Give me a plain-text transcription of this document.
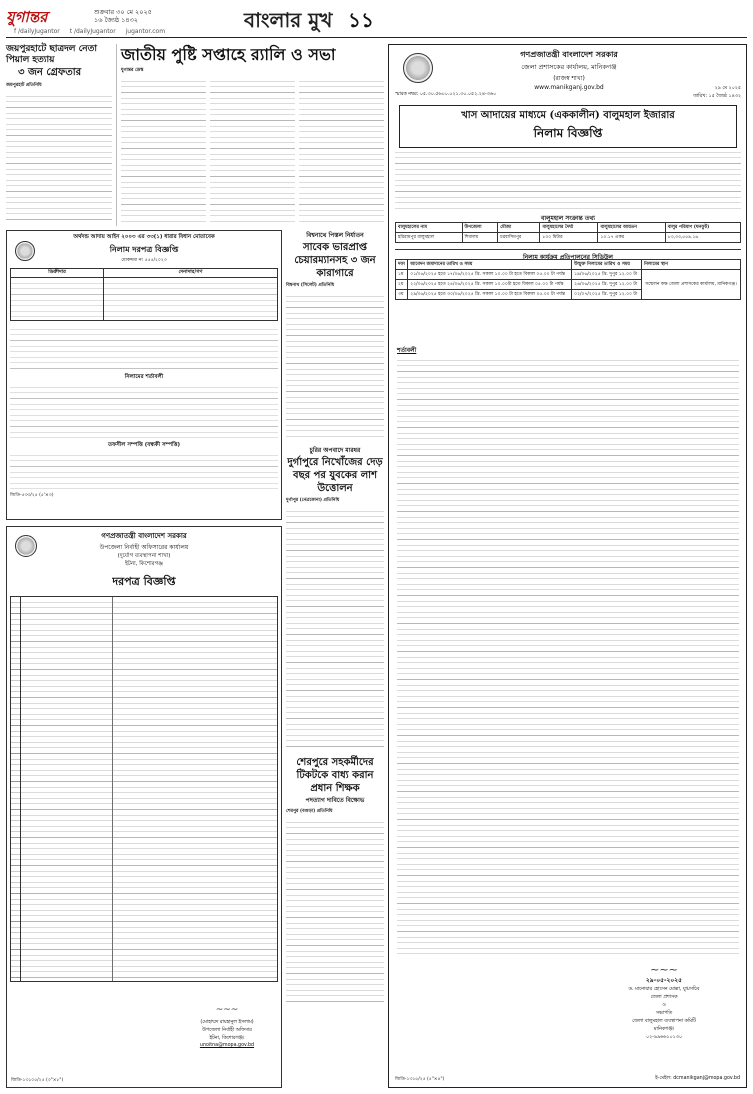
যুগান্তর	শুক্রবার ৩০ মে ২০২৫
১৬ জ্যৈষ্ঠ ১৪৩২
f /dailyJugantor t /dailyJugantor jugantor.com	বাংলার মুখ ১১
জয়পুরহাটে ছাত্রদল নেতা পিয়াল হত্যায়
৩ জন গ্রেফতার
জয়পুরহাট প্রতিনিধি
জাতীয় পুষ্টি সপ্তাহে র‌্যালি ও সভা
যুগান্তর ডেস্ক
অর্থদন্ড আদায় আইন ২০০৩ এর ৩৩(১) ধারার বিধান মোতাবেক
নিলাম দরপত্র বিজ্ঞপ্তি
মোকদ্দমা নং ৫৫৫/২০২৩
ডিক্রীদার	দেনাদার/গণ
নিলামের শর্তাবলী
তফসীল সম্পত্তি (বন্ধকী সম্পত্তি)
জিডি-৫৩৩/২৫ (৫'×৩)
বিশ্বনাথে পিস্তল নির্যাতন
সাবেক ভারপ্রাপ্ত চেয়ারম্যানসহ ৩ জন কারাগারে
বিশ্বনাথ (সিলেট) প্রতিনিধি
চুরির অপবাদে মারধর
দুর্গাপুরে নিখোঁজের দেড় বছর পর যুবকের লাশ উত্তোলন
দুর্গাপুর (নেত্রকোনা) প্রতিনিধি
শেরপুরে সহকর্মীদের টিকটকে বাধ্য করান প্রধান শিক্ষক
পদত্যাগ দাবিতে বিক্ষোভ
শেরপুর (বগুড়া) প্রতিনিধি
গণপ্রজাতন্ত্রী বাংলাদেশ সরকার
উপজেলা নির্বাহী অফিসারের কার্যালয়
(দুর্যোগ ব্যবস্থাপনা শাখা)
ইটনা, কিশোরগঞ্জ
দরপত্র বিজ্ঞপ্তি
~~~
(মোহাম্মদ রায়হানুল ইসলাম)
উপজেলা নির্বাহী অফিসার
ইটনা, কিশোরগঞ্জ।
unoitna@mopa.gov.bd
জিডি-১৩১০৫/২৫ (৩"×৮")
গণপ্রজাতন্ত্রী বাংলাদেশ সরকার
জেলা প্রশাসকের কার্যালয়, মানিকগঞ্জ
(রাজস্ব শাখা)
www.manikganj.gov.bd
স্মারক নম্বর: ০৫.৩০.৫৬০০.০২১.৩০.০৫২.২৪-৩৬০
২৯ মে ২০২৫
তারিখ: ১৫ জ্যৈষ্ঠ ১৪৩২
খাস আদায়ের মাধ্যমে (এককালীন) বালুমহাল ইজারার
নিলাম বিজ্ঞপ্তি
বালুমহাল সংক্রান্ত তথ্য
বালুমহালের নাম	উপজেলা	মৌজা	বালুমহালের দৈর্ঘ্য	বালুমহালের আয়তন	বালুর পরিমাণ (ঘনফুট)
হরিরামপুর বালুমহাল	শিবালয়	চরবাসিমপুর	৮০০ মিটার	১০.১৭ একর	৮৩,৩৩,৫৫৯.১৬
নিলাম কার্যক্রম প্রতিপালনের সিডিউল
দফা	আবেদন জমাদানের তারিখ ও সময়	উন্মুক্ত নিলামের তারিখ ও সময়	নিলামের স্থান
১ম	০১/০৬/২০২৫ হতে ১৭/০৬/২০২৫ খ্রি. সকাল ১০.০০ টা হতে বিকাল ০৫.০০ টা পর্যন্ত	১৯/০৬/২০২৫ খ্রি. দুপুর ১২.০০ টা	সম্মেলন কক্ষ জেলা প্রশাসকের কার্যালয়, মানিকগঞ্জ।
২য়	২২/০৬/২০২৫ হতে ২৪/০৬/২০২৫ খ্রি. সকাল ১০.০০টা হতে বিকাল ০৫.০০ টা পর্যন্ত	২৬/০৬/২০২৫ খ্রি. দুপুর ১২.০০ টা	
৩য়	২৯/০৬/২০২৫ হতে ৩০/০৬/২০২৫ খ্রি. সকাল ১০.০০ টা হতে বিকাল ০৫.০০ টা পর্যন্ত	০২/০৭/২০২৫ খ্রি. দুপুর ১২.০০ টা	
শর্তাবলী
~~~
২৯-০৫-২০২৫
ড. মানোয়ার হোসেন মোল্লা, যুগ্মসচিব
জেলা প্রশাসক
ও
সভাপতি
জেলা বালুমহাল ব্যবস্থাপনা কমিটি
মানিকগঞ্জ।
০২-৯৯৬৬১০১৩০
জিডি-১৩১৫/২৫ (৫"×৪")	ই-মেইল: dcmanikganj@mopa.gov.bd
